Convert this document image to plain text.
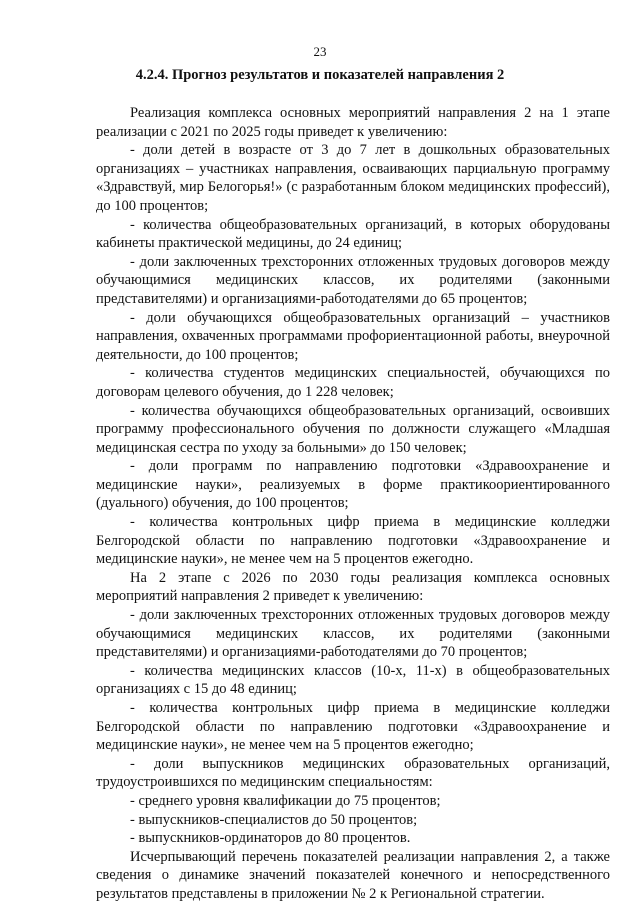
23
4.2.4. Прогноз результатов и показателей направления 2

Реализация комплекса основных мероприятий направления 2 на 1 этапе реализации с 2021 по 2025 годы приведет к увеличению:

- доли детей в возрасте от 3 до 7 лет в дошкольных образовательных организациях – участниках направления, осваивающих парциальную программу «Здравствуй, мир Белогорья!» (с разработанным блоком медицинских профессий), до 100 процентов;

- количества общеобразовательных организаций, в которых оборудованы кабинеты практической медицины, до 24 единиц;

- доли заключенных трехсторонних отложенных трудовых договоров между обучающимися медицинских классов, их родителями (законными представителями) и организациями-работодателями до 65 процентов;

- доли обучающихся общеобразовательных организаций – участников направления, охваченных программами профориентационной работы, внеурочной деятельности, до 100 процентов;

- количества студентов медицинских специальностей, обучающихся по договорам целевого обучения, до 1 228 человек;

- количества обучающихся общеобразовательных организаций, освоивших программу профессионального обучения по должности служащего «Младшая медицинская сестра по уходу за больными» до 150 человек;

- доли программ по направлению подготовки «Здравоохранение и медицинские науки», реализуемых в форме практикоориентированного (дуального) обучения, до 100 процентов;

- количества контрольных цифр приема в медицинские колледжи Белгородской области по направлению подготовки «Здравоохранение и медицинские науки», не менее чем на 5 процентов ежегодно.

На 2 этапе с 2026 по 2030 годы реализация комплекса основных мероприятий направления 2 приведет к увеличению:

- доли заключенных трехсторонних отложенных трудовых договоров между обучающимися медицинских классов, их родителями (законными представителями) и организациями-работодателями до 70 процентов;

- количества медицинских классов (10-х, 11-х) в общеобразовательных организациях с 15 до 48 единиц;

- количества контрольных цифр приема в медицинские колледжи Белгородской области по направлению подготовки «Здравоохранение и медицинские науки», не менее чем на 5 процентов ежегодно;

- доли выпускников медицинских образовательных организаций, трудоустроившихся по медицинским специальностям:

- среднего уровня квалификации до 75 процентов;

- выпускников-специалистов до 50 процентов;

- выпускников-ординаторов до 80 процентов.

Исчерпывающий перечень показателей реализации направления 2, а также сведения о динамике значений показателей конечного и непосредственного результатов представлены в приложении № 2 к Региональной стратегии.
